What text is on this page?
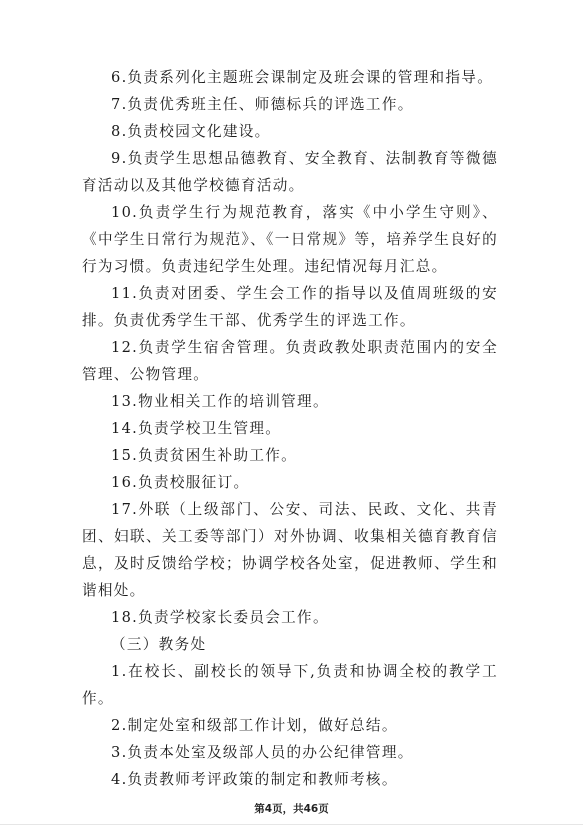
6.负责系列化主题班会课制定及班会课的管理和指导。

7.负责优秀班主任、师德标兵的评选工作。

8.负责校园文化建设。

9.负责学生思想品德教育、安全教育、法制教育等微德育活动以及其他学校德育活动。

10.负责学生行为规范教育，落实《中小学生守则》、《中学生日常行为规范》、《一日常规》等，培养学生良好的行为习惯。负责违纪学生处理。违纪情况每月汇总。

11.负责对团委、学生会工作的指导以及值周班级的安排。负责优秀学生干部、优秀学生的评选工作。

12.负责学生宿舍管理。负责政教处职责范围内的安全管理、公物管理。

13.物业相关工作的培训管理。

14.负责学校卫生管理。

15.负责贫困生补助工作。

16.负责校服征订。

17.外联（上级部门、公安、司法、民政、文化、共青团、妇联、关工委等部门）对外协调、收集相关德育教育信息，及时反馈给学校；协调学校各处室，促进教师、学生和谐相处。

18.负责学校家长委员会工作。

（三）教务处

1.在校长、副校长的领导下,负责和协调全校的教学工作。

2.制定处室和级部工作计划，做好总结。

3.负责本处室及级部人员的办公纪律管理。

4.负责教师考评政策的制定和教师考核。

第4页，共46页
